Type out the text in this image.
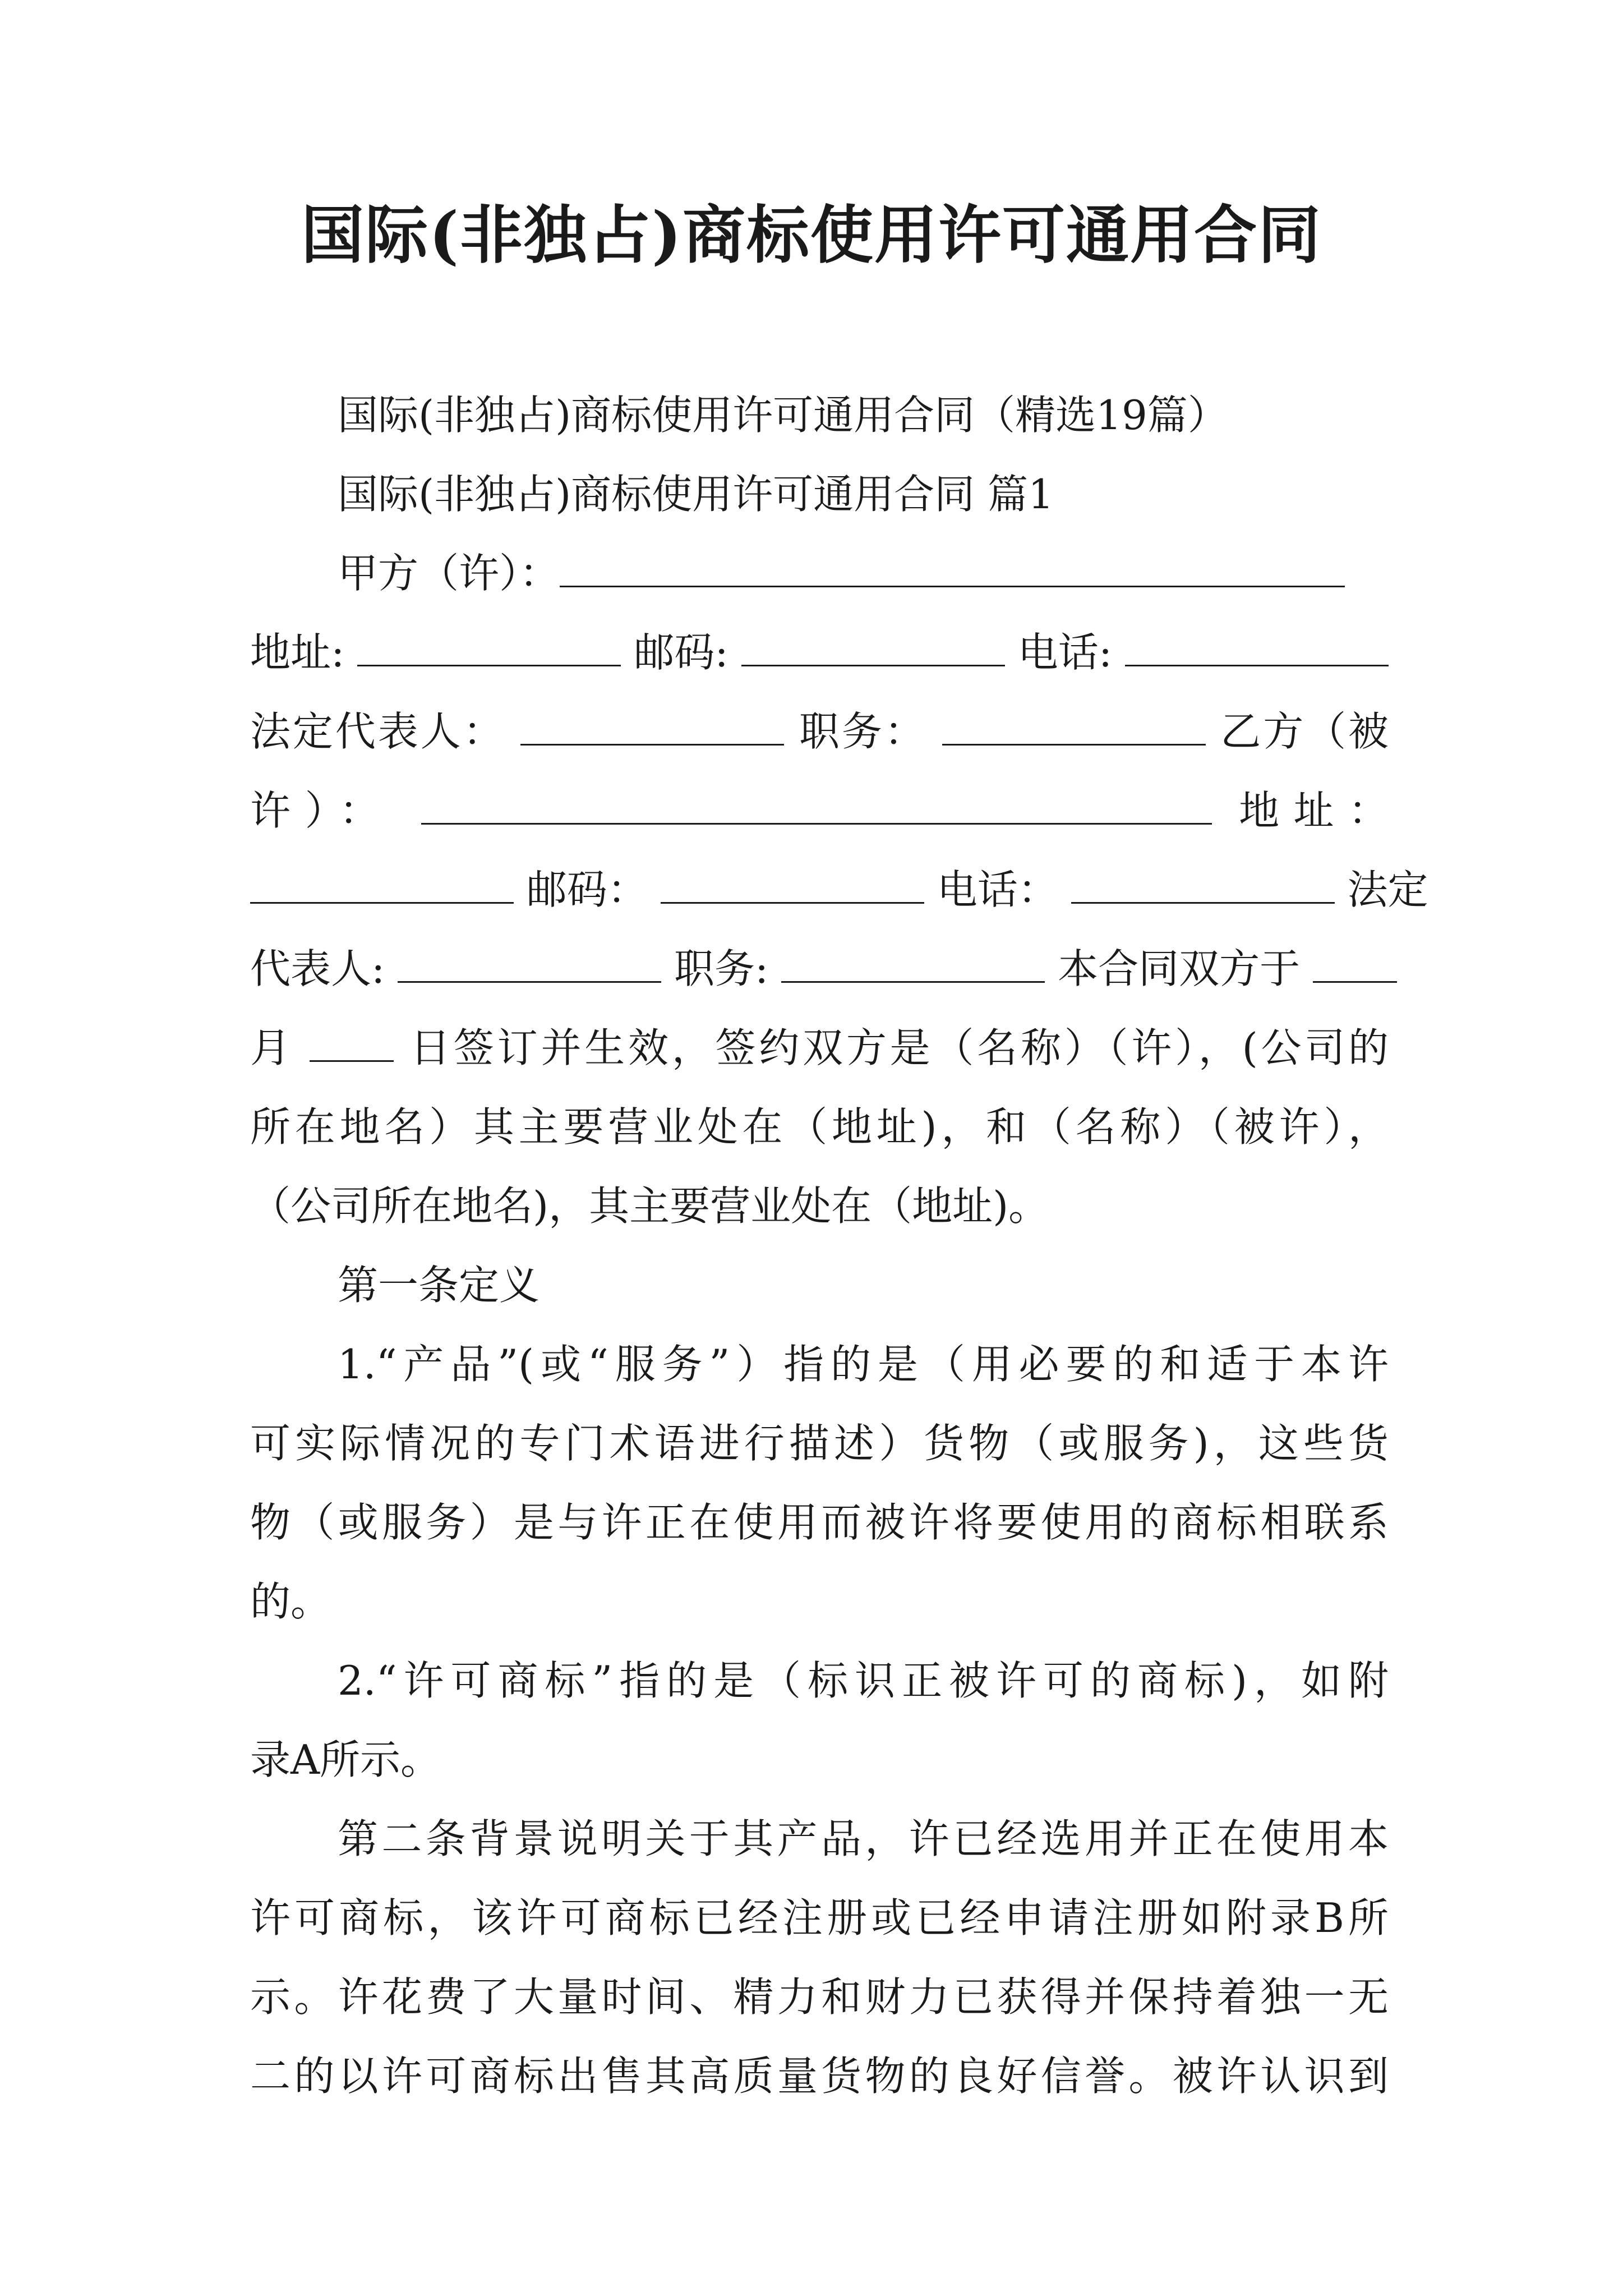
国际(非独占)商标使用许可通用合同
国际(非独占)商标使用许可通用合同（精选19篇）
国际(非独占)商标使用许可通用合同 篇1
甲方（许）：
地址:	邮码:	电话:
法定代表人：	职务：	乙方（被
许）：	地址：
邮码：	电话：	法定
代表人:	职务:	本合同双方于
月	日签订并生效，签约双方是（名称）（许），(公司的
所在地名）其主要营业处在（地址)，和（名称）（被许），
（公司所在地名)，其主要营业处在（地址)。
第一条定义
1.“产品”(或“服务”）指的是（用必要的和适于本许
可实际情况的专门术语进行描述）货物（或服务)，这些货
物（或服务）是与许正在使用而被许将要使用的商标相联系
的。
2.“许可商标”指的是（标识正被许可的商标)，如附
录A所示。
第二条背景说明关于其产品，许已经选用并正在使用本
许可商标，该许可商标已经注册或已经申请注册如附录B所
示。许花费了大量时间、精力和财力已获得并保持着独一无
二的以许可商标出售其高质量货物的良好信誉。被许认识到
